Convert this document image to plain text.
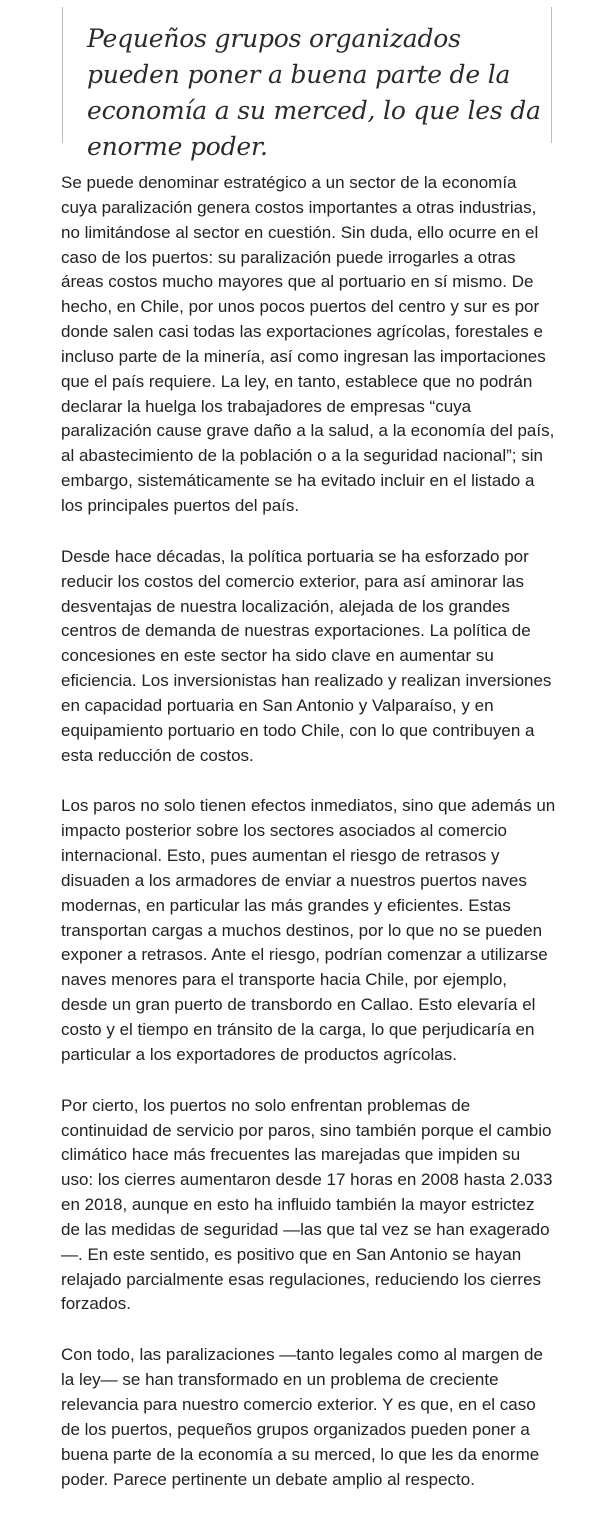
Pequeños grupos organizados pueden poner a buena parte de la economía a su merced, lo que les da enorme poder.

Se puede denominar estratégico a un sector de la economía cuya paralización genera costos importantes a otras industrias, no limitándose al sector en cuestión. Sin duda, ello ocurre en el caso de los puertos: su paralización puede irrogarles a otras áreas costos mucho mayores que al portuario en sí mismo. De hecho, en Chile, por unos pocos puertos del centro y sur es por donde salen casi todas las exportaciones agrícolas, forestales e incluso parte de la minería, así como ingresan las importaciones que el país requiere. La ley, en tanto, establece que no podrán declarar la huelga los trabajadores de empresas “cuya paralización cause grave daño a la salud, a la economía del país, al abastecimiento de la población o a la seguridad nacional”; sin embargo, sistemáticamente se ha evitado incluir en el listado a los principales puertos del país.

Desde hace décadas, la política portuaria se ha esforzado por reducir los costos del comercio exterior, para así aminorar las desventajas de nuestra localización, alejada de los grandes centros de demanda de nuestras exportaciones. La política de concesiones en este sector ha sido clave en aumentar su eficiencia. Los inversionistas han realizado y realizan inversiones en capacidad portuaria en San Antonio y Valparaíso, y en equipamiento portuario en todo Chile, con lo que contribuyen a esta reducción de costos.

Los paros no solo tienen efectos inmediatos, sino que además un impacto posterior sobre los sectores asociados al comercio internacional. Esto, pues aumentan el riesgo de retrasos y disuaden a los armadores de enviar a nuestros puertos naves modernas, en particular las más grandes y eficientes. Estas transportan cargas a muchos destinos, por lo que no se pueden exponer a retrasos. Ante el riesgo, podrían comenzar a utilizarse naves menores para el transporte hacia Chile, por ejemplo, desde un gran puerto de transbordo en Callao. Esto elevaría el costo y el tiempo en tránsito de la carga, lo que perjudicaría en particular a los exportadores de productos agrícolas.

Por cierto, los puertos no solo enfrentan problemas de continuidad de servicio por paros, sino también porque el cambio climático hace más frecuentes las marejadas que impiden su uso: los cierres aumentaron desde 17 horas en 2008 hasta 2.033 en 2018, aunque en esto ha influido también la mayor estrictez de las medidas de seguridad —las que tal vez se han exagerado—. En este sentido, es positivo que en San Antonio se hayan relajado parcialmente esas regulaciones, reduciendo los cierres forzados.

Con todo, las paralizaciones —tanto legales como al margen de la ley— se han transformado en un problema de creciente relevancia para nuestro comercio exterior. Y es que, en el caso de los puertos, pequeños grupos organizados pueden poner a buena parte de la economía a su merced, lo que les da enorme poder. Parece pertinente un debate amplio al respecto.
